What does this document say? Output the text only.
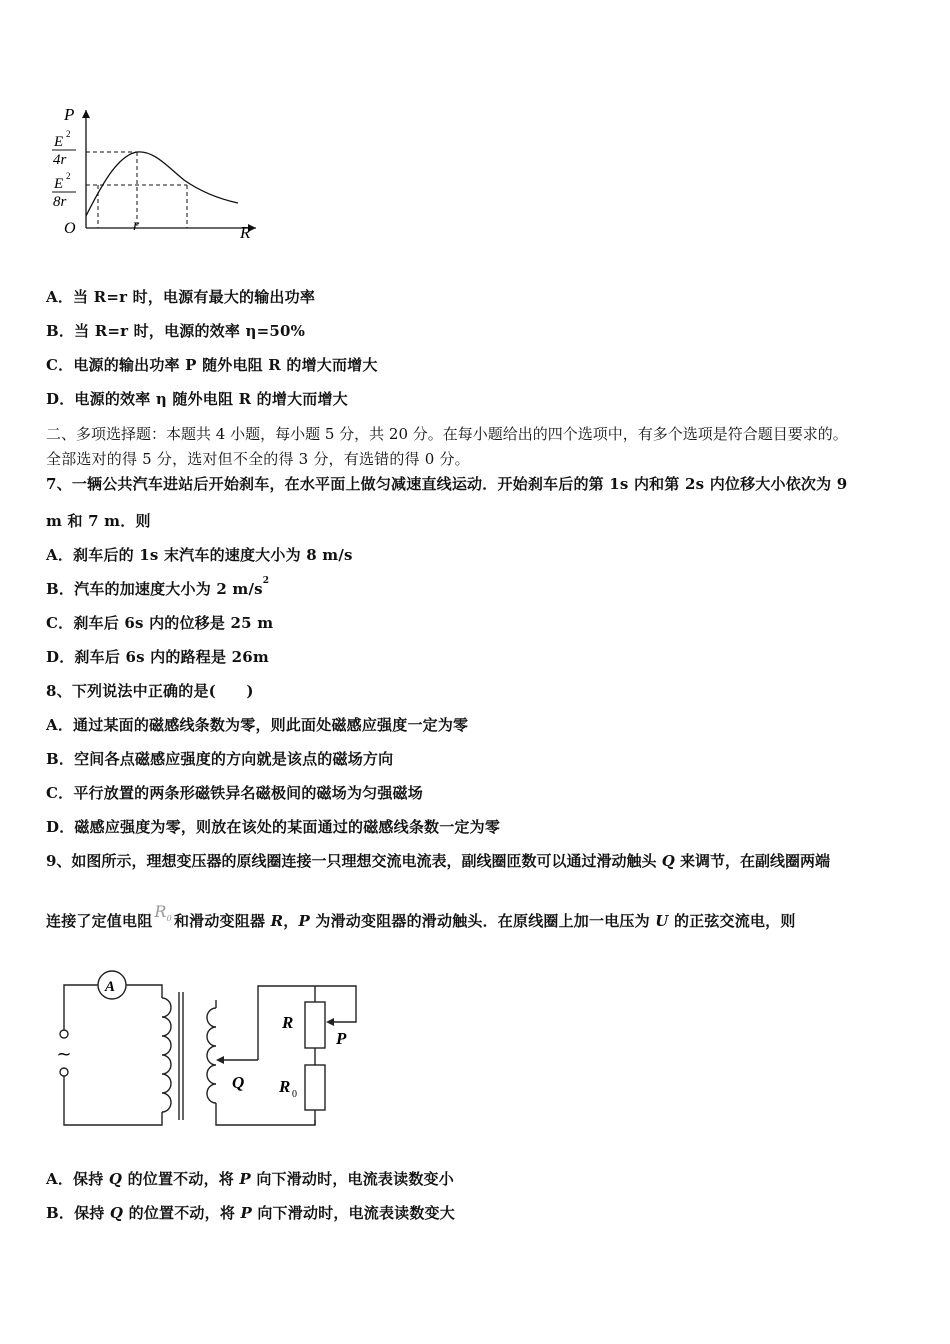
P
E 2
4r
E 2
8r
O	r	R
A．当 R=r 时，电源有最大的输出功率
B．当 R=r 时，电源的效率 η=50%
C．电源的输出功率 P 随外电阻 R 的增大而增大
D．电源的效率 η 随外电阻 R 的增大而增大
二、多项选择题：本题共 4 小题，每小题 5 分，共 20 分。在每小题给出的四个选项中，有多个选项是符合题目要求的。
全部选对的得 5 分，选对但不全的得 3 分，有选错的得 0 分。
7、一辆公共汽车进站后开始刹车，在水平面上做匀减速直线运动．开始刹车后的第 1s 内和第 2s 内位移大小依次为 9
m 和 7 m．则
A．刹车后的 1s 末汽车的速度大小为 8 m/s
B．汽车的加速度大小为 2 $m/s^2$
C．刹车后 6s 内的位移是 25 m
D．刹车后 6s 内的路程是 26m
8、下列说法中正确的是(　　)
A．通过某面的磁感线条数为零，则此面处磁感应强度一定为零
B．空间各点磁感应强度的方向就是该点的磁场方向
C．平行放置的两条形磁铁异名磁极间的磁场为匀强磁场
D．磁感应强度为零，则放在该处的某面通过的磁感线条数一定为零
9、如图所示，理想变压器的原线圈连接一只理想交流电流表，副线圈匝数可以通过滑动触头 Q 来调节，在副线圈两端
连接了定值电阻 $R_0$ 和滑动变阻器 R，P 为滑动变阻器的滑动触头．在原线圈上加一电压为 U 的正弦交流电，则
A
~
Q
R
P
R 0
A．保持 Q 的位置不动，将 P 向下滑动时，电流表读数变小
B．保持 Q 的位置不动，将 P 向下滑动时，电流表读数变大
